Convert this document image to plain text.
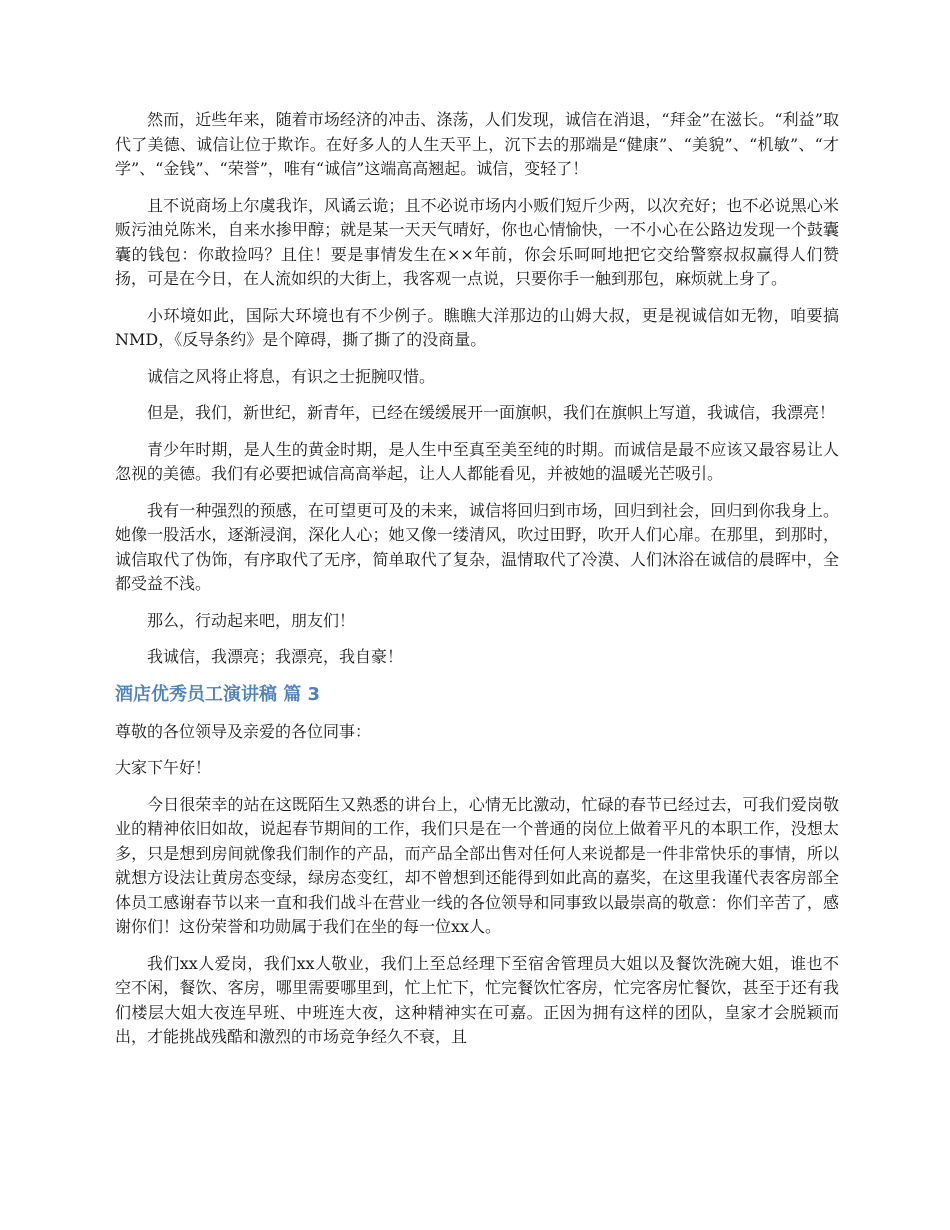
然而，近些年来，随着市场经济的冲击、涤荡，人们发现，诚信在消退，“拜金”在滋长。“利益”取代了美德、诚信让位于欺诈。在好多人的人生天平上，沉下去的那端是“健康”、“美貌”、“机敏”、“才学”、“金钱”、“荣誉”，唯有“诚信”这端高高翘起。诚信，变轻了！

且不说商场上尔虞我诈，风谲云诡；且不必说市场内小贩们短斤少两，以次充好；也不必说黑心米贩污油兑陈米，自来水掺甲醇；就是某一天天气晴好，你也心情愉快，一不小心在公路边发现一个鼓囊囊的钱包：你敢捡吗？且住！要是事情发生在××年前，你会乐呵呵地把它交给警察叔叔赢得人们赞扬，可是在今日，在人流如织的大街上，我客观一点说，只要你手一触到那包，麻烦就上身了。

小环境如此，国际大环境也有不少例子。瞧瞧大洋那边的山姆大叔，更是视诚信如无物，咱要搞NMD，《反导条约》是个障碍，撕了撕了的没商量。

诚信之风将止将息，有识之士扼腕叹惜。

但是，我们，新世纪，新青年，已经在缓缓展开一面旗帜，我们在旗帜上写道，我诚信，我漂亮！

青少年时期，是人生的黄金时期，是人生中至真至美至纯的时期。而诚信是最不应该又最容易让人忽视的美德。我们有必要把诚信高高举起，让人人都能看见，并被她的温暖光芒吸引。

我有一种强烈的预感，在可望更可及的未来，诚信将回归到市场，回归到社会，回归到你我身上。她像一股活水，逐渐浸润，深化人心；她又像一缕清风，吹过田野，吹开人们心扉。在那里，到那时，诚信取代了伪饰，有序取代了无序，简单取代了复杂，温情取代了冷漠、人们沐浴在诚信的晨晖中，全都受益不浅。

那么，行动起来吧，朋友们！

我诚信，我漂亮；我漂亮，我自豪！

酒店优秀员工演讲稿 篇 3

尊敬的各位领导及亲爱的各位同事：

大家下午好！

今日很荣幸的站在这既陌生又熟悉的讲台上，心情无比激动，忙碌的春节已经过去，可我们爱岗敬业的精神依旧如故，说起春节期间的工作，我们只是在一个普通的岗位上做着平凡的本职工作，没想太多，只是想到房间就像我们制作的产品，而产品全部出售对任何人来说都是一件非常快乐的事情，所以就想方设法让黄房态变绿，绿房态变红，却不曾想到还能得到如此高的嘉奖，在这里我谨代表客房部全体员工感谢春节以来一直和我们战斗在营业一线的各位领导和同事致以最崇高的敬意：你们辛苦了，感谢你们！这份荣誉和功勋属于我们在坐的每一位xx人。

我们xx人爱岗，我们xx人敬业，我们上至总经理下至宿舍管理员大姐以及餐饮洗碗大姐，谁也不空不闲，餐饮、客房，哪里需要哪里到，忙上忙下，忙完餐饮忙客房，忙完客房忙餐饮，甚至于还有我们楼层大姐大夜连早班、中班连大夜，这种精神实在可嘉。正因为拥有这样的团队，皇家才会脱颖而出，才能挑战残酷和激烈的市场竞争经久不衰，且
